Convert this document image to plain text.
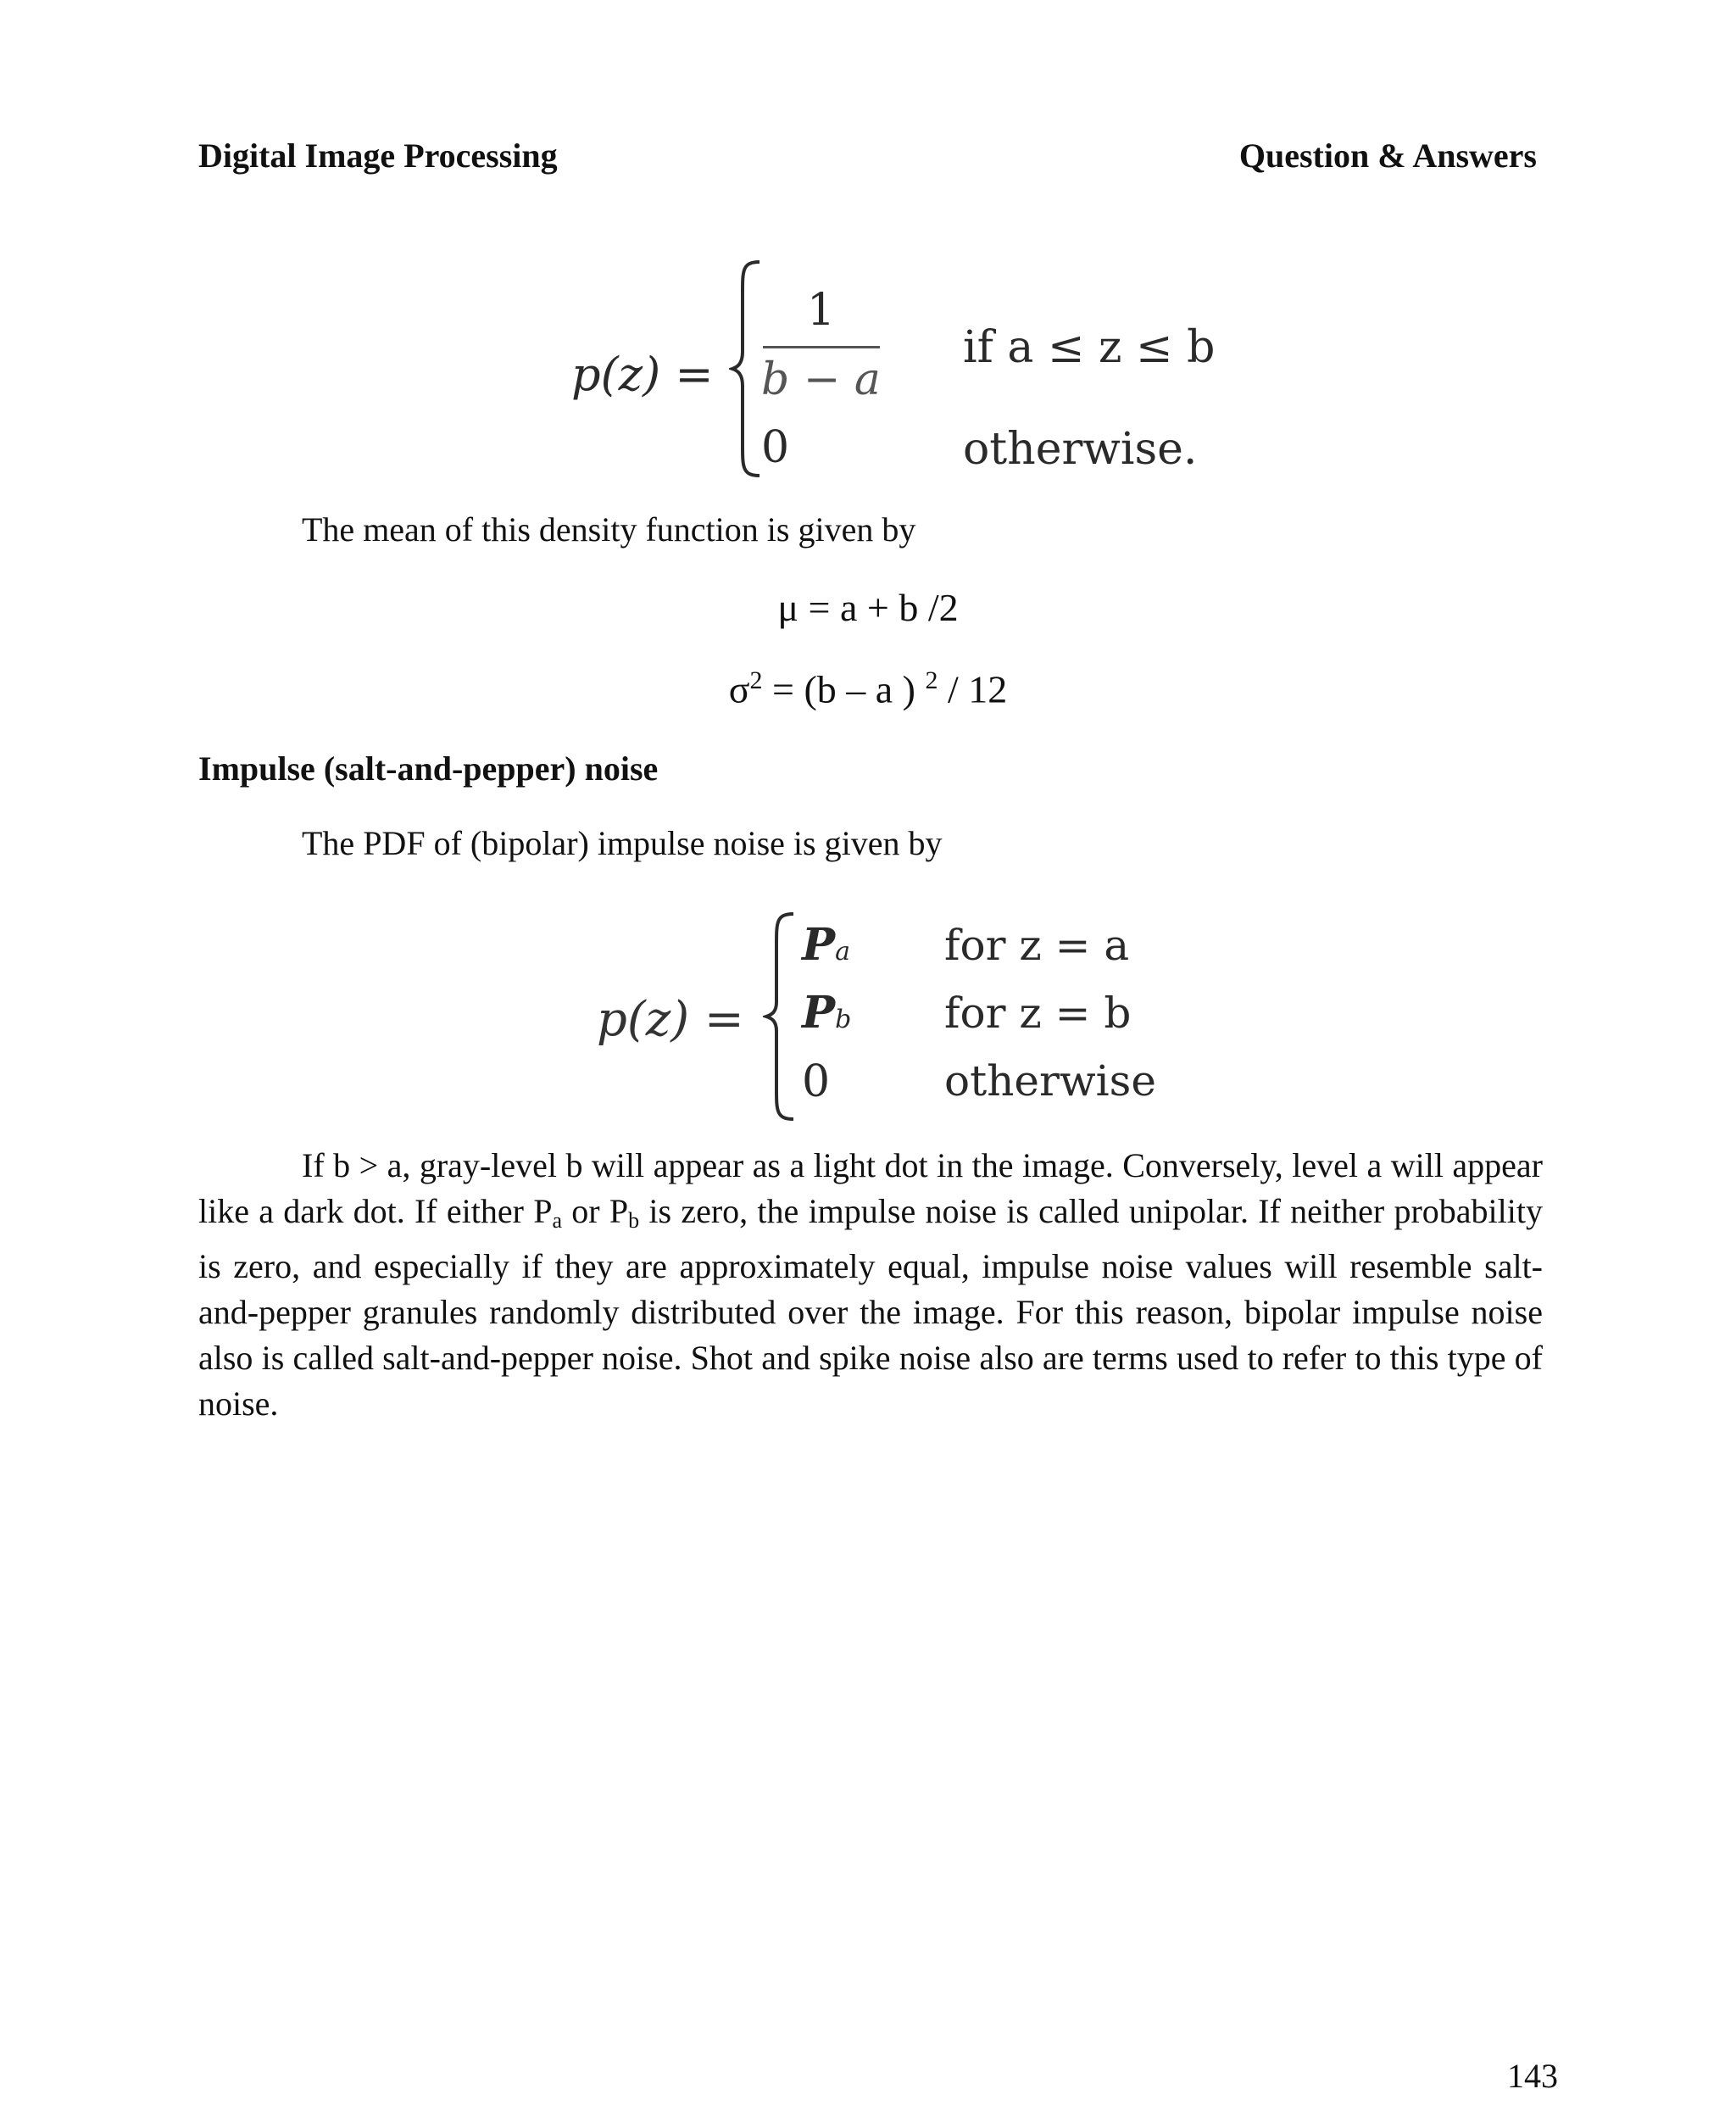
Digital Image Processing	Question & Answers
p(z) =
1
b − a
if a ≤ z ≤ b
0	otherwise.
The mean of this density function is given by
μ = a + b /2
$\sigma^2 = (b - a$ ) $^2$ / 12
Impulse (salt-and-pepper) noise
The PDF of (bipolar) impulse noise is given by
p(z) =
Pa for z = a
Pb for z = b
0	otherwise

If b > a, gray-level b will appear as a light dot in the image. Conversely, level a will appear like a dark dot. If either $P_a$ or $P_b$ is zero, the impulse noise is called unipolar. If neither probability is zero, and especially if they are approximately equal, impulse noise values will resemble salt-and-pepper granules randomly distributed over the image. For this reason, bipolar impulse noise also is called salt-and-pepper noise. Shot and spike noise also are terms used to refer to this type of noise.

143
